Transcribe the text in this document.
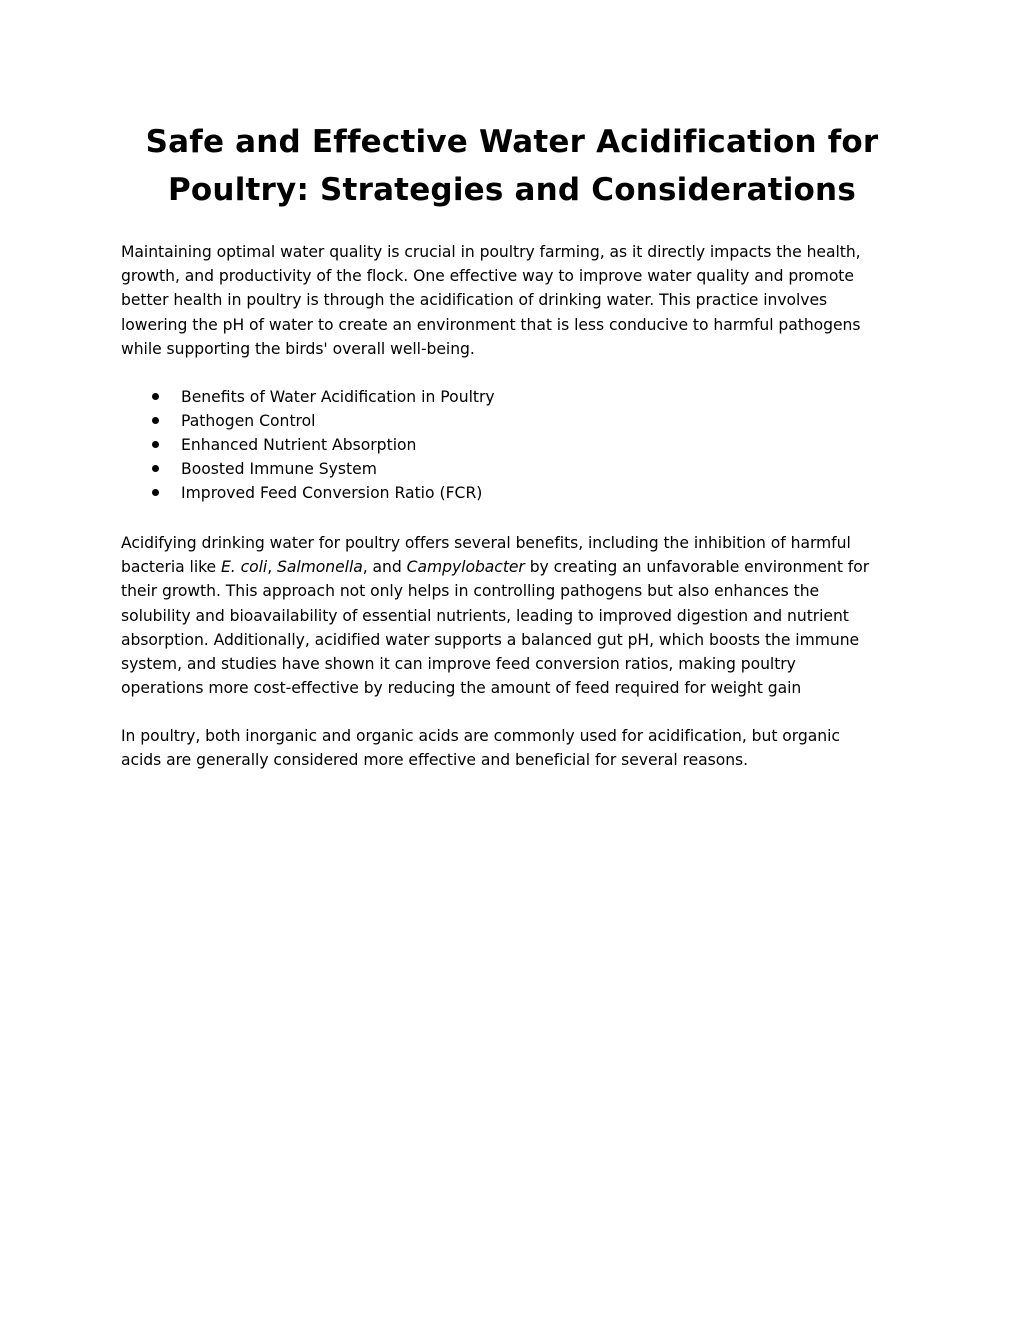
Safe and Effective Water Acidification for
Poultry: Strategies and Considerations

Maintaining optimal water quality is crucial in poultry farming, as it directly impacts the health,
growth, and productivity of the flock. One effective way to improve water quality and promote
better health in poultry is through the acidification of drinking water. This practice involves
lowering the pH of water to create an environment that is less conducive to harmful pathogens
while supporting the birds' overall well-being.

Benefits of Water Acidification in Poultry
Pathogen Control
Enhanced Nutrient Absorption
Boosted Immune System
Improved Feed Conversion Ratio (FCR)

Acidifying drinking water for poultry offers several benefits, including the inhibition of harmful
bacteria like E. coli, Salmonella, and Campylobacter by creating an unfavorable environment for
their growth. This approach not only helps in controlling pathogens but also enhances the
solubility and bioavailability of essential nutrients, leading to improved digestion and nutrient
absorption. Additionally, acidified water supports a balanced gut pH, which boosts the immune
system, and studies have shown it can improve feed conversion ratios, making poultry
operations more cost-effective by reducing the amount of feed required for weight gain

In poultry, both inorganic and organic acids are commonly used for acidification, but organic
acids are generally considered more effective and beneficial for several reasons.
